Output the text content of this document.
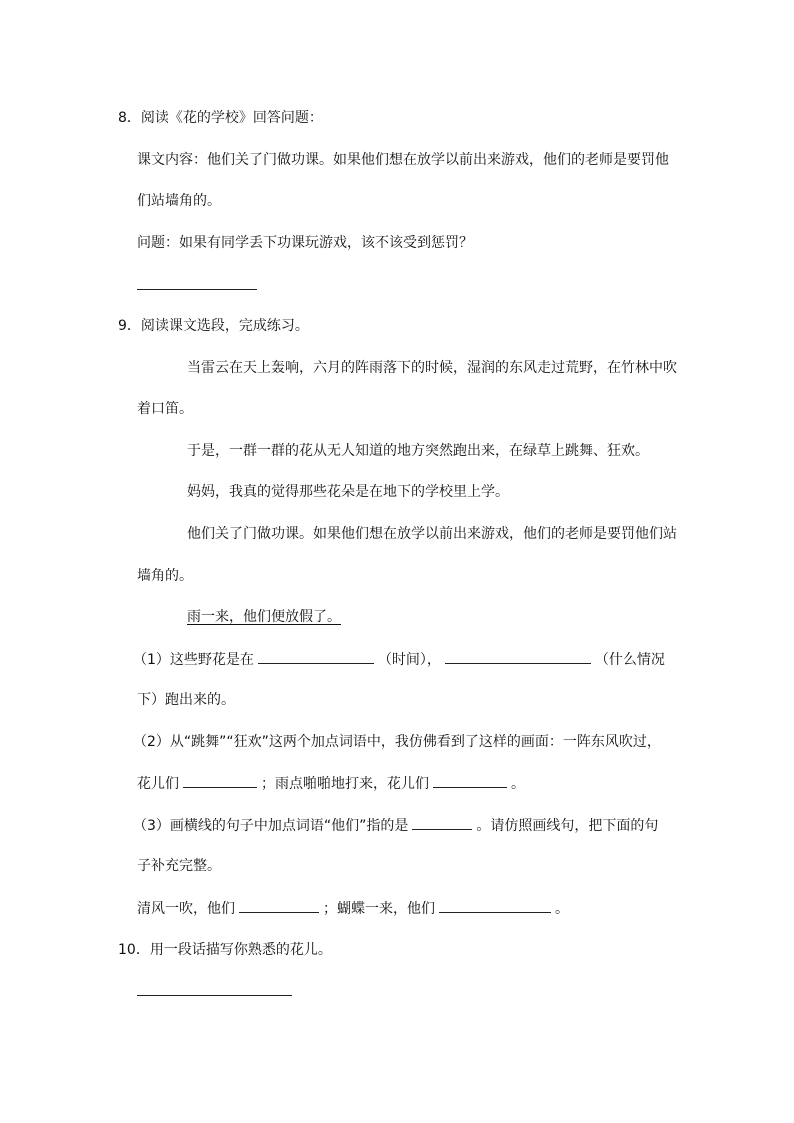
8．阅读《花的学校》回答问题：
课文内容：他们关了门做功课。如果他们想在放学以前出来游戏，他们的老师是要罚他
们站墙角的。
问题：如果有同学丢下功课玩游戏，该不该受到惩罚？
9．阅读课文选段，完成练习。
当雷云在天上轰响，六月的阵雨落下的时候，湿润的东风走过荒野，在竹林中吹
着口笛。
于是，一群一群的花从无人知道的地方突然跑出来，在绿草上跳舞、狂欢。
妈妈，我真的觉得那些花朵是在地下的学校里上学。
他们关了门做功课。如果他们想在放学以前出来游戏，他们的老师是要罚他们站
墙角的。
雨一来，他们便放假了。
（1）这些野花是在	（时间），	（什么情况
下）跑出来的。
（2）从“跳舞”“狂欢”这两个加点词语中，我仿佛看到了这样的画面：一阵东风吹过，
花儿们	；雨点啪啪地打来，花儿们	。
（3）画横线的句子中加点词语“他们”指的是	。请仿照画线句，把下面的句
子补充完整。
清风一吹，他们	；蝴蝶一来，他们	。
10．用一段话描写你熟悉的花儿。
